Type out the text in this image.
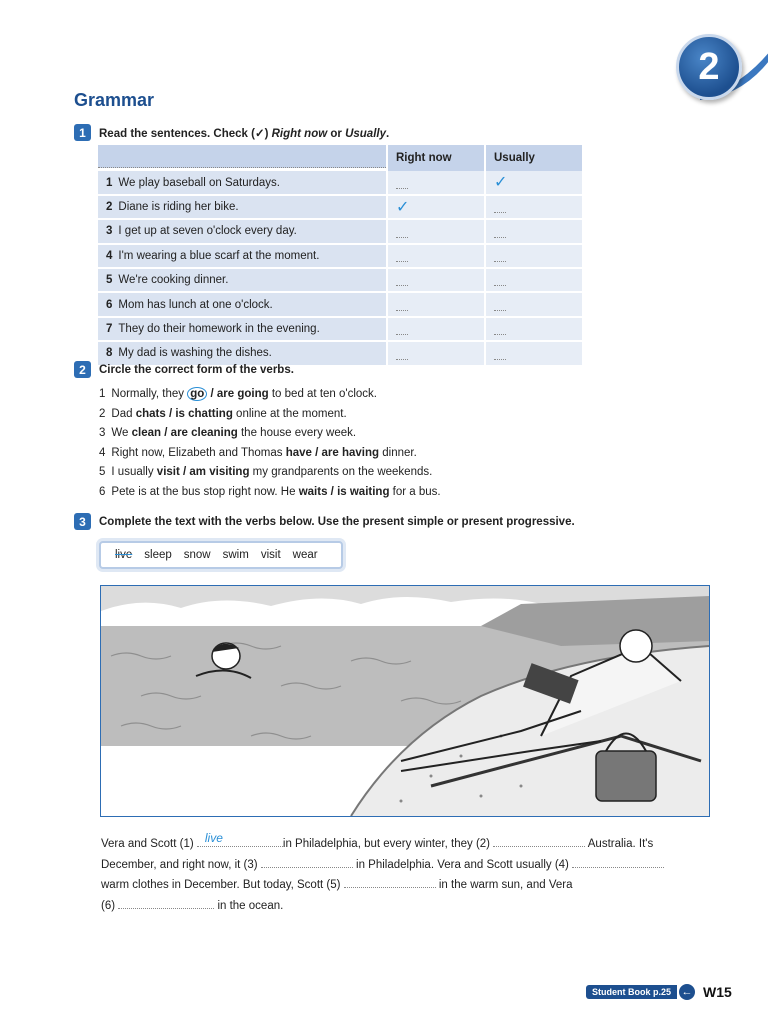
2
Grammar
1	Read the sentences. Check (✓) Right now or Usually.
Right now	Usually
1 We play baseball on Saturdays.		✓

2 Diane is riding her bike.	✓	

3 I get up at seven o'clock every day.	

4 I'm wearing a blue scarf at the moment.	

5 We're cooking dinner.	

6 Mom has lunch at one o'clock.	

7 They do their homework in the evening.	

8 My dad is washing the dishes.	

2	Circle the correct form of the verbs.
1 Normally, they go / are going to bed at ten o'clock.
2 Dad chats / is chatting online at the moment.
3 We clean / are cleaning the house every week.
4 Right now, Elizabeth and Thomas have / are having dinner.
5 I usually visit / am visiting my grandparents on the weekends.
6 Pete is at the bus stop right now. He waits / is waiting for a bus.
3	Complete the text with the verbs below. Use the present simple or present progressive.
live sleep snow swim visit wear
Vera and Scott (1) live	in Philadelphia, but every winter, they (2)	Australia. It's
December, and right now, it (3)	in Philadelphia. Vera and Scott usually (4)
warm clothes in December. But today, Scott (5)	in the warm sun, and Vera
(6)	in the ocean.
Student Book p.25 ← W15
